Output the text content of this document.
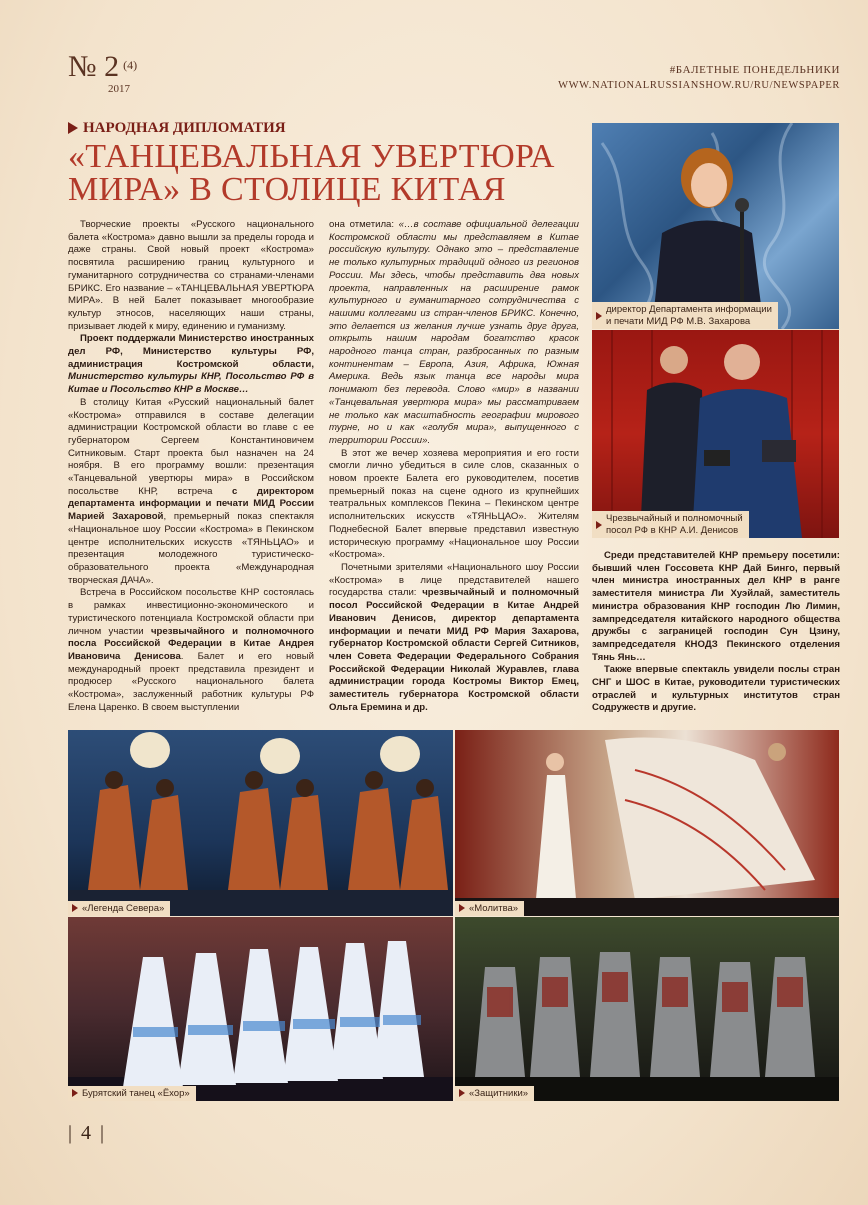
№ 2 $^{(4)}$
2017
#БАЛЕТНЫЕ ПОНЕДЕЛЬНИКИ
WWW.NATIONALRUSSIANSHOW.RU/RU/NEWSPAPER
НАРОДНАЯ ДИПЛОМАТИЯ
«ТАНЦЕВАЛЬНАЯ УВЕРТЮРА МИРА» В СТОЛИЦЕ КИТАЯ

Творческие проекты «Русского национального балета «Кострома» давно вышли за пределы города и даже страны. Свой новый проект «Кострома» посвятила расширению границ культурного и гуманитарного сотрудничества со странами-членами БРИКС. Его название – «ТАНЦЕВАЛЬНАЯ УВЕРТЮРА МИРА». В ней Балет показывает многообразие культур этносов, населяющих наши страны, призывает людей к миру, единению и гуманизму.

Проект поддержали Министерство иностранных дел РФ, Министерство культуры РФ, администрация Костромской области, Министерство культуры КНР, Посольство РФ в Китае и Посольство КНР в Москве…

В столицу Китая «Русский национальный балет «Кострома» отправился в составе делегации администрации Костромской области во главе с ее губернатором Сергеем Константиновичем Ситниковым. Старт проекта был назначен на 24 ноября. В его программу вошли: презентация «Танцевальной увертюры мира» в Российском посольстве КНР, встреча с директором департамента информации и печати МИД России Марией Захаровой, премьерный показ спектакля «Национальное шоу России «Кострома» в Пекинском центре исполнительских искусств «ТЯНЬЦАО» и презентация молодежного туристическо-образовательного проекта «Международная творческая ДАЧА».

Встреча в Российском посольстве КНР состоялась в рамках инвестиционно-экономического и туристического потенциала Костромской области при личном участии чрезвычайного и полномочного посла Российской Федерации в Китае Андрея Ивановича Денисова. Балет и его новый международный проект представила президент и продюсер «Русского национального балета «Кострома», заслуженный работник культуры РФ Елена Царенко. В своем выступлении

она отметила: «…в составе официальной делегации Костромской области мы представляем в Китае российскую культуру. Однако это – представление не только культурных традиций одного из регионов России. Мы здесь, чтобы представить два новых проекта, направленных на расширение рамок культурного и гуманитарного сотрудничества с нашими коллегами из стран-членов БРИКС. Конечно, это делается из желания лучше узнать друг друга, открыть нашим народам богатство красок народного танца стран, разбросанных по разным континентам – Европа, Азия, Африка, Южная Америка. Ведь язык танца все народы мира понимают без перевода. Слово «мир» в названии «Танцевальная увертюра мира» мы рассматриваем не только как масштабность географии мирового турне, но и как «голубя мира», выпущенного с территории России».

В этот же вечер хозяева мероприятия и его гости смогли лично убедиться в силе слов, сказанных о новом проекте Балета его руководителем, посетив премьерный показ на сцене одного из крупнейших театральных комплексов Пекина – Пекинском центре исполнительских искусств «ТЯНЬЦАО». Жителям Поднебесной Балет впервые представил известную историческую программу «Национальное шоу России «Кострома».

Почетными зрителями «Национального шоу России «Кострома» в лице представителей нашего государства стали: чрезвычайный и полномочный посол Российской Федерации в Китае Андрей Иванович Денисов, директор департамента информации и печати МИД РФ Мария Захарова, губернатор Костромской области Сергей Ситников, член Совета Федерации Федерального Собрания Российской Федерации Николай Журавлев, глава администрации города Костромы Виктор Емец, заместитель губернатора Костромской области Ольга Еремина и др.

Среди представителей КНР премьеру посетили: бывший член Госсовета КНР Дай Бинго, первый член министра иностранных дел КНР в ранге заместителя министра Ли Хуэйлай, заместитель министра образования КНР господин Лю Лимин, зампредседателя китайского народного общества дружбы с заграницей господин Сун Цзину, зампредседателя КНОДЗ Пекинского отделения Тянь Янь…

Также впервые спектакль увидели послы стран СНГ и ШОС в Китае, руководители туристических отраслей и культурных институтов стран Содружеств и другие.

директор Департамента информации
и печати МИД РФ М.В. Захарова
Чрезвычайный и полномочный
посол РФ в КНР А.И. Денисов
«Легенда Севера»	«Молитва»
Бурятский танец «Ёхор»	«Защитники»
| 4 |
